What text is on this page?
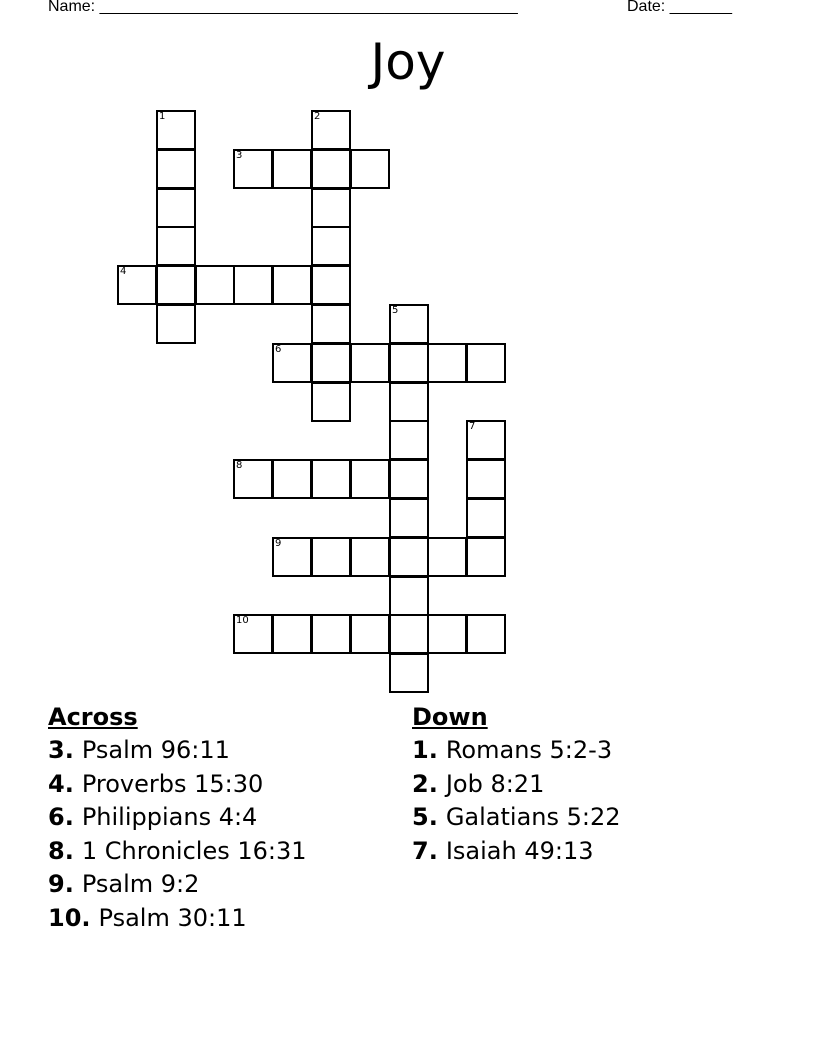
Name: _______________________________________________	Date: _______
Joy
1	2
3
4
5
6
7
8
9
10
Across
3. Psalm 96:11
4. Proverbs 15:30
6. Philippians 4:4
8. 1 Chronicles 16:31
9. Psalm 9:2
10. Psalm 30:11
Down
1. Romans 5:2-3
2. Job 8:21
5. Galatians 5:22
7. Isaiah 49:13
